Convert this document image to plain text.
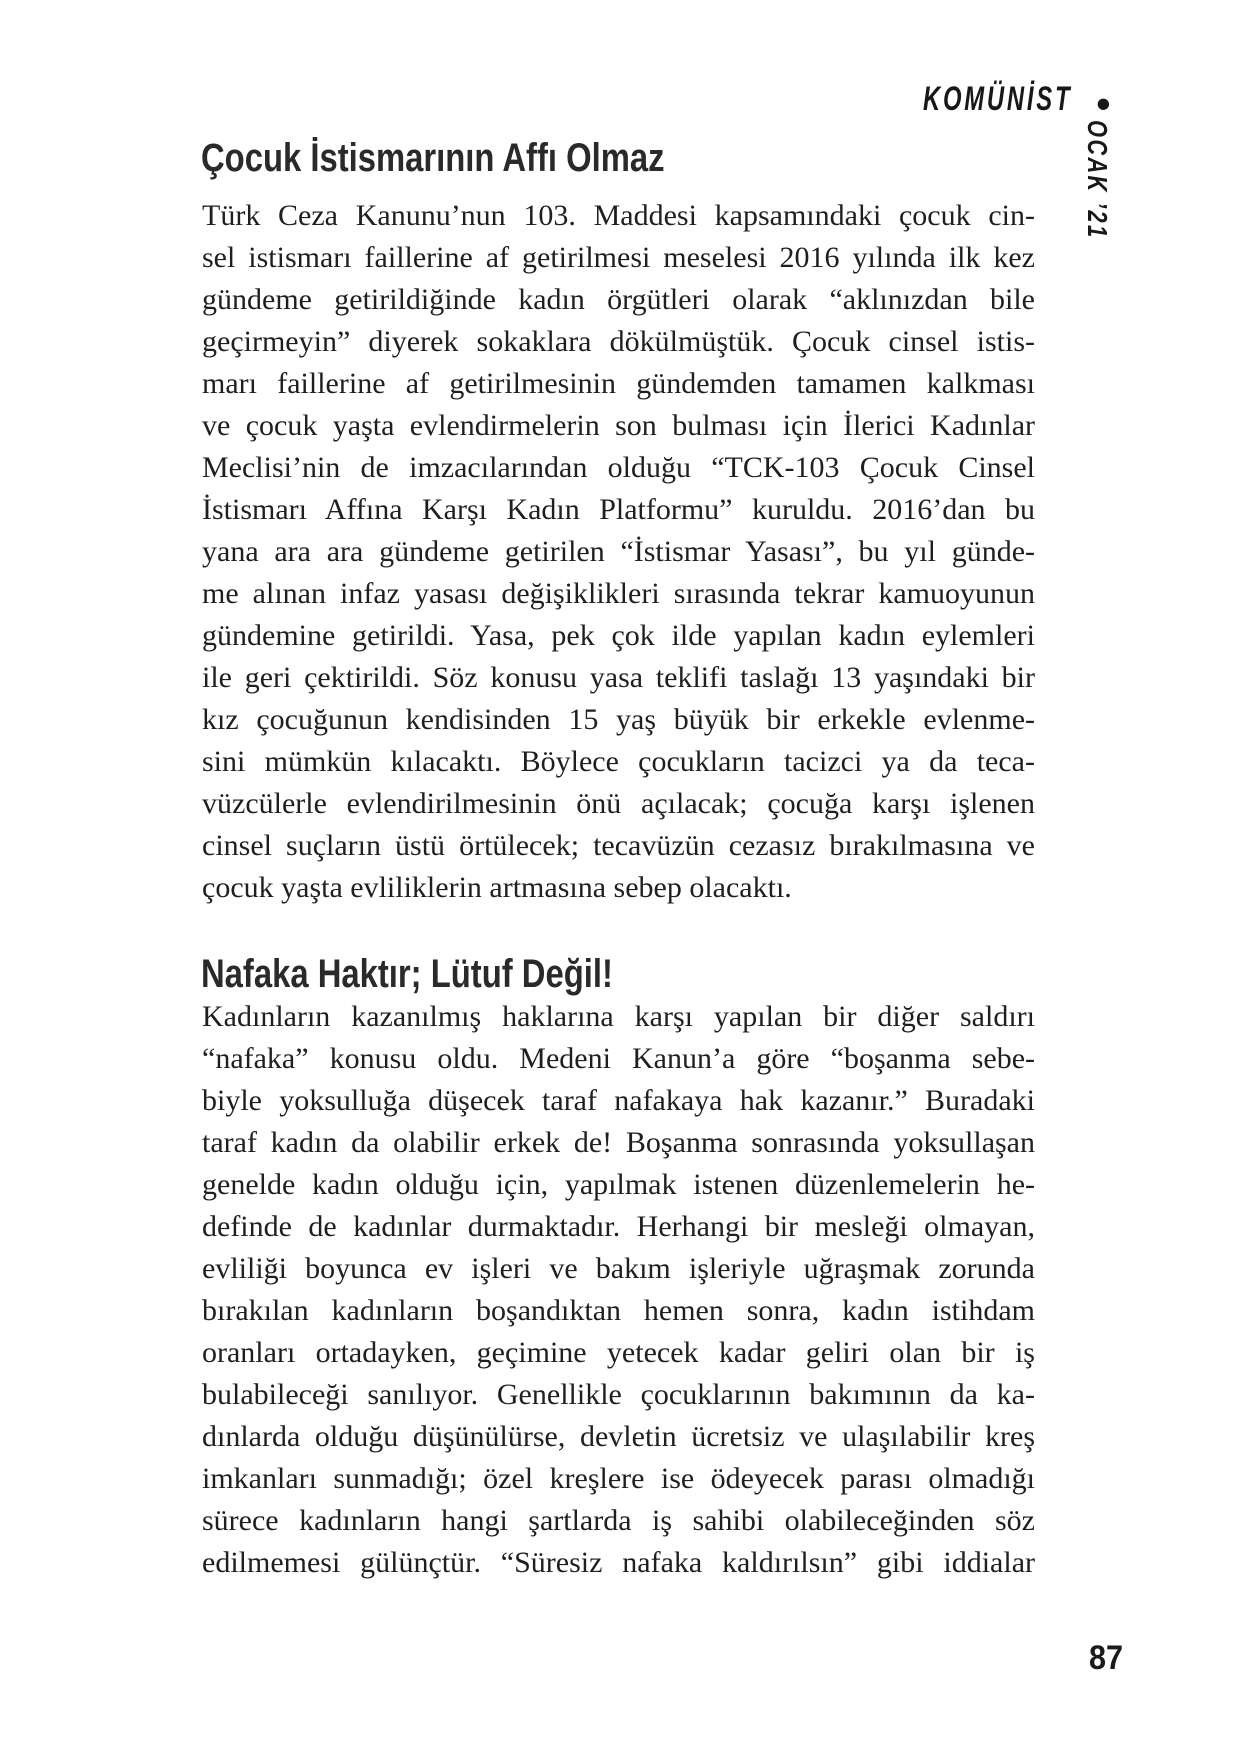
KOMÜNİST •
OCAK ’21
Çocuk İstismarının Affı Olmaz
Türk Ceza Kanunu’nun 103. Maddesi kapsamındaki çocuk cin-
sel istismarı faillerine af getirilmesi meselesi 2016 yılında ilk kez
gündeme getirildiğinde kadın örgütleri olarak “aklınızdan bile
geçirmeyin” diyerek sokaklara dökülmüştük. Çocuk cinsel istis-
marı faillerine af getirilmesinin gündemden tamamen kalkması
ve çocuk yaşta evlendirmelerin son bulması için İlerici Kadınlar
Meclisi’nin de imzacılarından olduğu “TCK-103 Çocuk Cinsel
İstismarı Affına Karşı Kadın Platformu” kuruldu. 2016’dan bu
yana ara ara gündeme getirilen “İstismar Yasası”, bu yıl günde-
me alınan infaz yasası değişiklikleri sırasında tekrar kamuoyunun
gündemine getirildi. Yasa, pek çok ilde yapılan kadın eylemleri
ile geri çektirildi. Söz konusu yasa teklifi taslağı 13 yaşındaki bir
kız çocuğunun kendisinden 15 yaş büyük bir erkekle evlenme-
sini mümkün kılacaktı. Böylece çocukların tacizci ya da teca-
vüzcülerle evlendirilmesinin önü açılacak; çocuğa karşı işlenen
cinsel suçların üstü örtülecek; tecavüzün cezasız bırakılmasına ve
çocuk yaşta evliliklerin artmasına sebep olacaktı.
Nafaka Haktır; Lütuf Değil!
Kadınların kazanılmış haklarına karşı yapılan bir diğer saldırı
“nafaka” konusu oldu. Medeni Kanun’a göre “boşanma sebe-
biyle yoksulluğa düşecek taraf nafakaya hak kazanır.” Buradaki
taraf kadın da olabilir erkek de! Boşanma sonrasında yoksullaşan
genelde kadın olduğu için, yapılmak istenen düzenlemelerin he-
definde de kadınlar durmaktadır. Herhangi bir mesleği olmayan,
evliliği boyunca ev işleri ve bakım işleriyle uğraşmak zorunda
bırakılan kadınların boşandıktan hemen sonra, kadın istihdam
oranları ortadayken, geçimine yetecek kadar geliri olan bir iş
bulabileceği sanılıyor. Genellikle çocuklarının bakımının da ka-
dınlarda olduğu düşünülürse, devletin ücretsiz ve ulaşılabilir kreş
imkanları sunmadığı; özel kreşlere ise ödeyecek parası olmadığı
sürece kadınların hangi şartlarda iş sahibi olabileceğinden söz
edilmemesi gülünçtür. “Süresiz nafaka kaldırılsın” gibi iddialar
87
